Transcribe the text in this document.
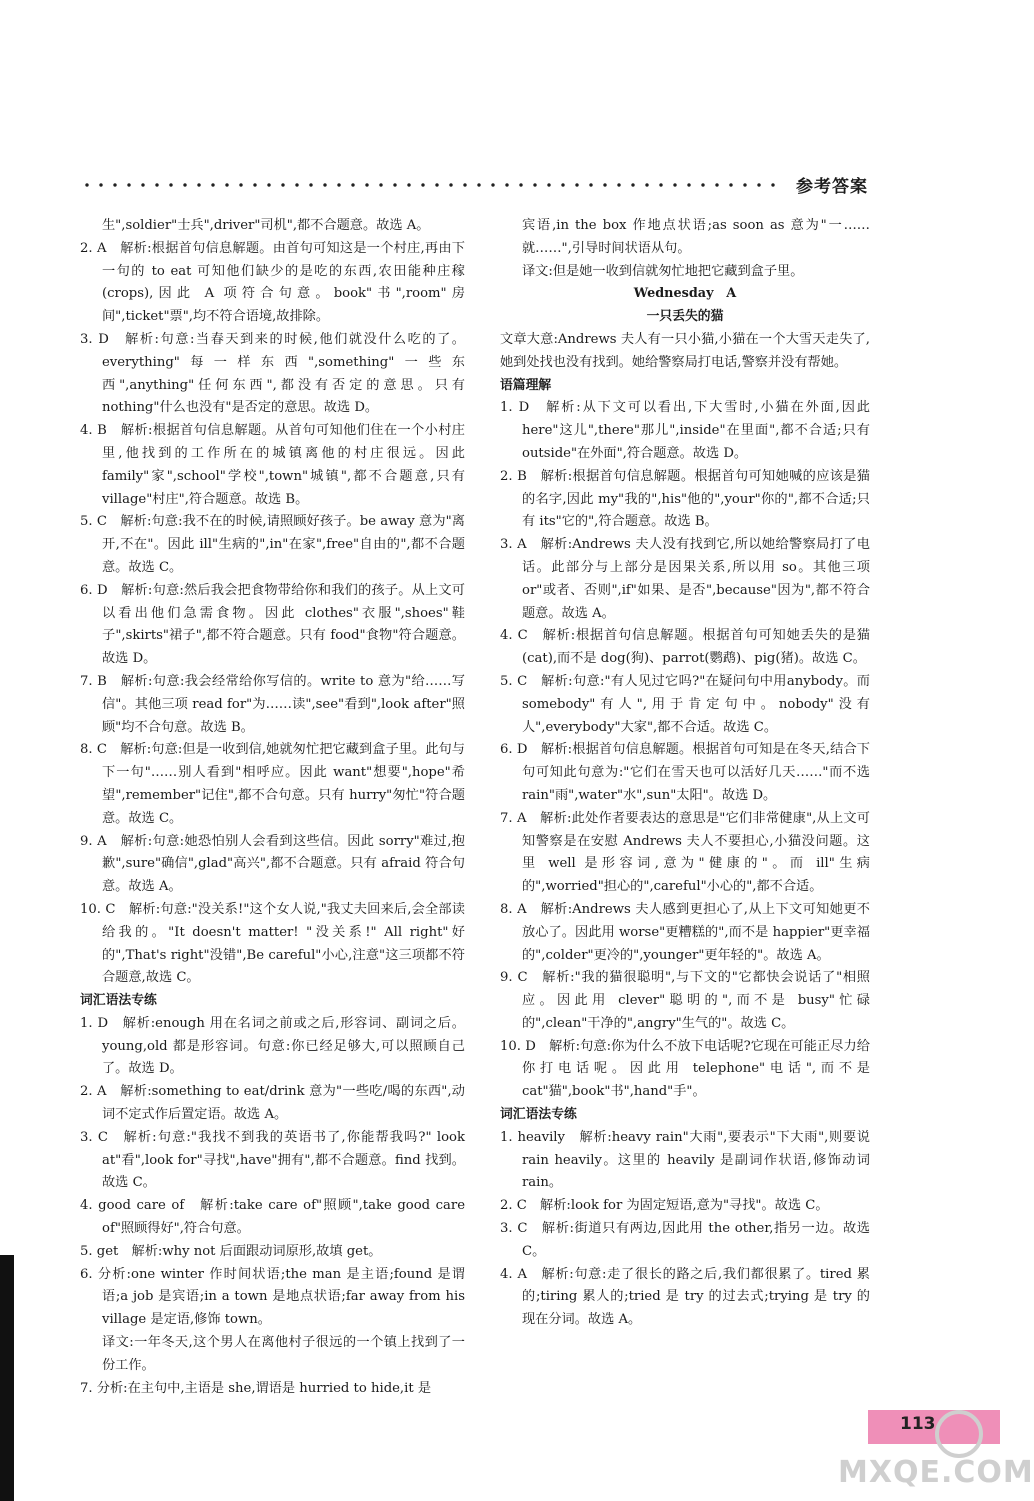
参考答案

生",soldier"士兵",driver"司机",都不合题意。故选 A。

2. A　解析:根据首句信息解题。由首句可知这是一个村庄,再由下一句的 to eat 可知他们缺少的是吃的东西,农田能种庄稼(crops),因此 A 项符合句意。book"书",room"房间",ticket"票",均不符合语境,故排除。

3. D　解析:句意:当春天到来的时候,他们就没什么吃的了。everything"每一样东西",something"一些东西",anything"任何东西",都没有否定的意思。只有 nothing"什么也没有"是否定的意思。故选 D。

4. B　解析:根据首句信息解题。从首句可知他们住在一个小村庄里,他找到的工作所在的城镇离他的村庄很远。因此 family"家",school"学校",town"城镇",都不合题意,只有 village"村庄",符合题意。故选 B。

5. C　解析:句意:我不在的时候,请照顾好孩子。be away 意为"离开,不在"。因此 ill"生病的",in"在家",free"自由的",都不合题意。故选 C。

6. D　解析:句意:然后我会把食物带给你和我们的孩子。从上文可以看出他们急需食物。因此 clothes"衣服",shoes"鞋子",skirts"裙子",都不符合题意。只有 food"食物"符合题意。故选 D。

7. B　解析:句意:我会经常给你写信的。write to 意为"给……写信"。其他三项 read for"为……读",see"看到",look after"照顾"均不合句意。故选 B。

8. C　解析:句意:但是一收到信,她就匆忙把它藏到盒子里。此句与下一句"……别人看到"相呼应。因此 want"想要",hope"希望",remember"记住",都不合句意。只有 hurry"匆忙"符合题意。故选 C。

9. A　解析:句意:她恐怕别人会看到这些信。因此 sorry"难过,抱歉",sure"确信",glad"高兴",都不合题意。只有 afraid 符合句意。故选 A。

10. C　解析:句意:"没关系!"这个女人说,"我丈夫回来后,会全部读给我的。"It doesn't matter! "没关系!" All right"好的",That's right"没错",Be careful"小心,注意"这三项都不符合题意,故选 C。

词汇语法专练

1. D　解析:enough 用在名词之前或之后,形容词、副词之后。young,old 都是形容词。句意:你已经足够大,可以照顾自己了。故选 D。

2. A　解析:something to eat/drink 意为"一些吃/喝的东西",动词不定式作后置定语。故选 A。

3. C　解析:句意:"我找不到我的英语书了,你能帮我吗?" look at"看",look for"寻找",have"拥有",都不合题意。find 找到。故选 C。

4. good care of　解析:take care of"照顾",take good care of"照顾得好",符合句意。

5. get　解析:why not 后面跟动词原形,故填 get。

6. 分析:one winter 作时间状语;the man 是主语;found 是谓语;a job 是宾语;in a town 是地点状语;far away from his village 是定语,修饰 town。

译文:一年冬天,这个男人在离他村子很远的一个镇上找到了一份工作。

7. 分析:在主句中,主语是 she,谓语是 hurried to hide,it 是

宾语,in the box 作地点状语;as soon as 意为"一……就……",引导时间状语从句。

译文:但是她一收到信就匆忙地把它藏到盒子里。

Wednesday　A

一只丢失的猫

文章大意:Andrews 夫人有一只小猫,小猫在一个大雪天走失了,她到处找也没有找到。她给警察局打电话,警察并没有帮她。

语篇理解

1. D　解析:从下文可以看出,下大雪时,小猫在外面,因此 here"这儿",there"那儿",inside"在里面",都不合适;只有 outside"在外面",符合题意。故选 D。

2. B　解析:根据首句信息解题。根据首句可知她喊的应该是猫的名字,因此 my"我的",his"他的",your"你的",都不合适;只有 its"它的",符合题意。故选 B。

3. A　解析:Andrews 夫人没有找到它,所以她给警察局打了电话。此部分与上部分是因果关系,所以用 so。其他三项 or"或者、否则",if"如果、是否",because"因为",都不符合题意。故选 A。

4. C　解析:根据首句信息解题。根据首句可知她丢失的是猫(cat),而不是 dog(狗)、parrot(鹦鹉)、pig(猪)。故选 C。

5. C　解析:句意:"有人见过它吗?"在疑问句中用anybody。而 somebody"有人",用于肯定句中。nobody"没有人",everybody"大家",都不合适。故选 C。

6. D　解析:根据首句信息解题。根据首句可知是在冬天,结合下句可知此句意为:"它们在雪天也可以活好几天……"而不选 rain"雨",water"水",sun"太阳"。故选 D。

7. A　解析:此处作者要表达的意思是"它们非常健康",从上文可知警察是在安慰 Andrews 夫人不要担心,小猫没问题。这里 well 是形容词,意为"健康的"。而 ill"生病的",worried"担心的",careful"小心的",都不合适。

8. A　解析:Andrews 夫人感到更担心了,从上下文可知她更不放心了。因此用 worse"更糟糕的",而不是 happier"更幸福的",colder"更冷的",younger"更年轻的"。故选 A。

9. C　解析:"我的猫很聪明",与下文的"它都快会说话了"相照应。因此用 clever"聪明的",而不是 busy"忙碌的",clean"干净的",angry"生气的"。故选 C。

10. D　解析:句意:你为什么不放下电话呢?它现在可能正尽力给你打电话呢。因此用 telephone"电话",而不是 cat"猫",book"书",hand"手"。

词汇语法专练

1. heavily　解析:heavy rain"大雨",要表示"下大雨",则要说 rain heavily。这里的 heavily 是副词作状语,修饰动词 rain。

2. C　解析:look for 为固定短语,意为"寻找"。故选 C。

3. C　解析:街道只有两边,因此用 the other,指另一边。故选 C。

4. A　解析:句意:走了很长的路之后,我们都很累了。tired 累的;tiring 累人的;tried 是 try 的过去式;trying 是 try 的现在分词。故选 A。

113
MXQE.COM
